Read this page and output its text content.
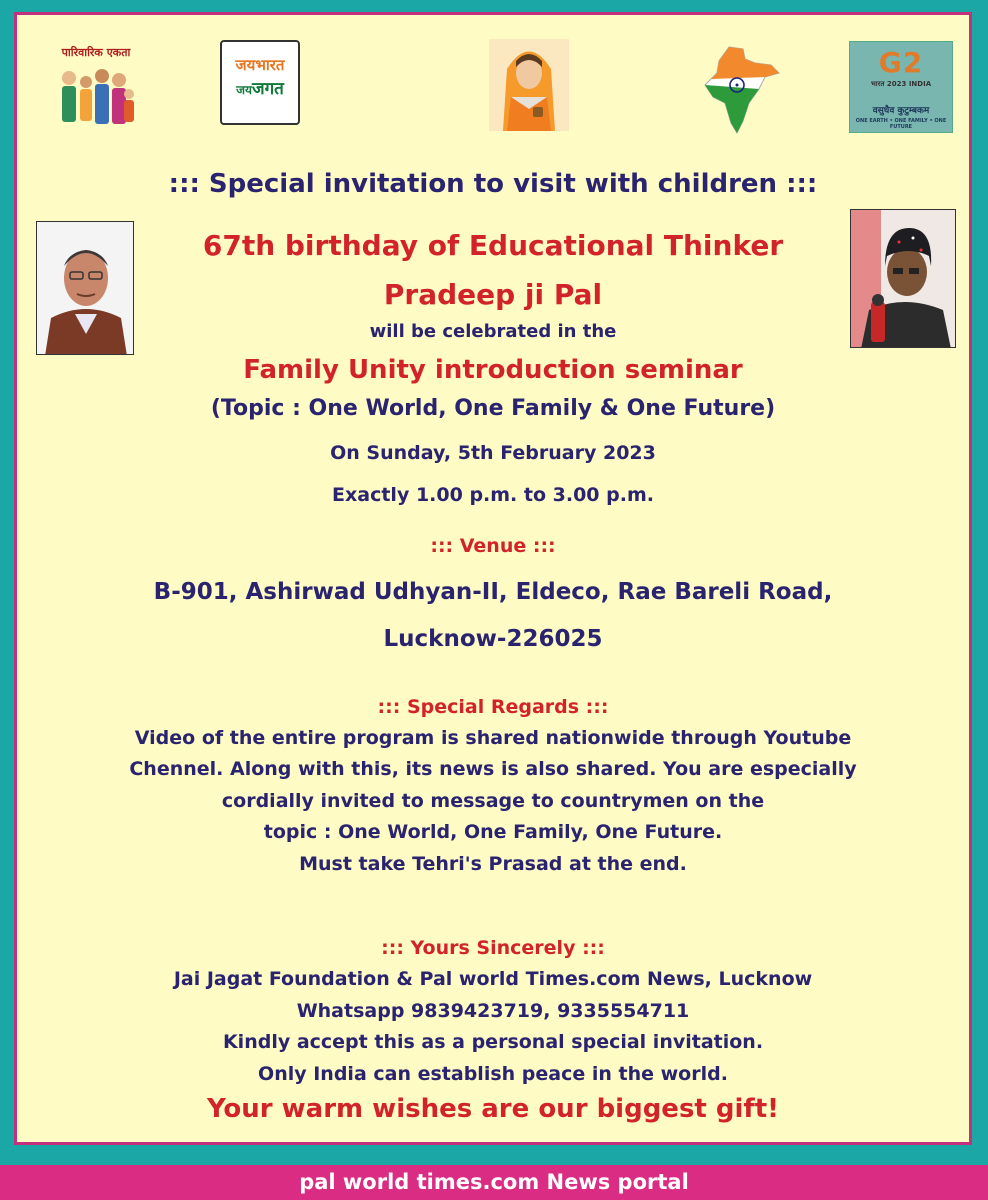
पारिवारिक एकता
जयभारत
जयजगत
G2
भारत 2023 INDIA
वसुधैव कुटुम्बकम
ONE EARTH • ONE FAMILY • ONE FUTURE
::: Special invitation to visit with children :::
67th birthday of Educational Thinker
Pradeep ji Pal
will be celebrated in the
Family Unity introduction seminar
(Topic : One World, One Family & One Future)
On Sunday, 5th February 2023
Exactly 1.00 p.m. to 3.00 p.m.
::: Venue :::
B-901, Ashirwad Udhyan-II, Eldeco, Rae Bareli Road,
Lucknow-226025
::: Special Regards :::
Video of the entire program is shared nationwide through Youtube
Chennel. Along with this, its news is also shared. You are especially
cordially invited to message to countrymen on the
topic : One World, One Family, One Future.
Must take Tehri's Prasad at the end.
::: Yours Sincerely :::
Jai Jagat Foundation & Pal world Times.com News, Lucknow
Whatsapp 9839423719, 9335554711
Kindly accept this as a personal special invitation.
Only India can establish peace in the world.
Your warm wishes are our biggest gift!
pal world times.com News portal
